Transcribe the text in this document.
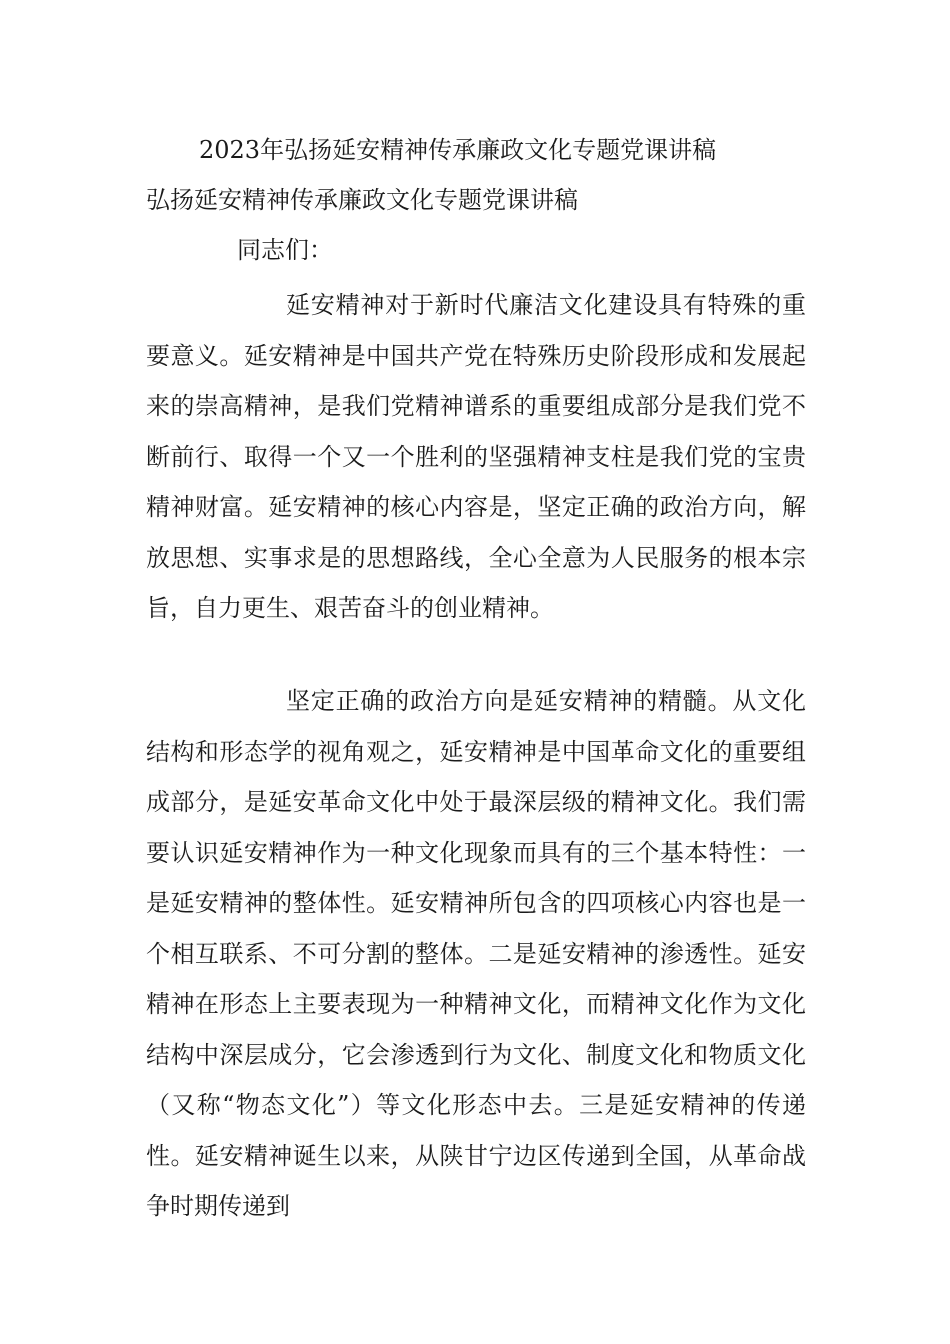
2023年弘扬延安精神传承廉政文化专题党课讲稿
弘扬延安精神传承廉政文化专题党课讲稿
同志们：

延安精神对于新时代廉洁文化建设具有特殊的重要意义。延安精神是中国共产党在特殊历史阶段形成和发展起来的崇高精神，是我们党精神谱系的重要组成部分是我们党不断前行、取得一个又一个胜利的坚强精神支柱是我们党的宝贵精神财富。延安精神的核心内容是，坚定正确的政治方向，解放思想、实事求是的思想路线，全心全意为人民服务的根本宗旨，自力更生、艰苦奋斗的创业精神。

坚定正确的政治方向是延安精神的精髓。从文化结构和形态学的视角观之，延安精神是中国革命文化的重要组成部分，是延安革命文化中处于最深层级的精神文化。我们需要认识延安精神作为一种文化现象而具有的三个基本特性：一是延安精神的整体性。延安精神所包含的四项核心内容也是一个相互联系、不可分割的整体。二是延安精神的渗透性。延安精神在形态上主要表现为一种精神文化，而精神文化作为文化结构中深层成分，它会渗透到行为文化、制度文化和物质文化（又称“物态文化”）等文化形态中去。三是延安精神的传递性。延安精神诞生以来，从陕甘宁边区传递到全国，从革命战争时期传递到
